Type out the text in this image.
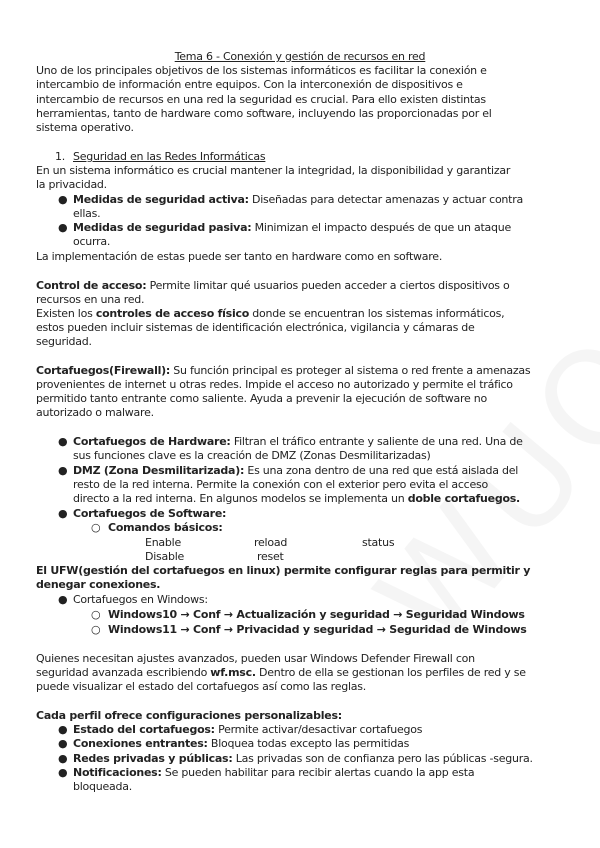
Tema 6 - Conexión y gestión de recursos en red
Uno de los principales objetivos de los sistemas informáticos es facilitar la conexión e
intercambio de información entre equipos. Con la interconexión de dispositivos e
intercambio de recursos en una red la seguridad es crucial. Para ello existen distintas
herramientas, tanto de hardware como software, incluyendo las proporcionadas por el
sistema operativo.
1. Seguridad en las Redes Informáticas
En un sistema informático es crucial mantener la integridad, la disponibilidad y garantizar
la privacidad.
● Medidas de seguridad activa: Diseñadas para detectar amenazas y actuar contra
ellas.
● Medidas de seguridad pasiva: Minimizan el impacto después de que un ataque
ocurra.
La implementación de estas puede ser tanto en hardware como en software.
Control de acceso: Permite limitar qué usuarios pueden acceder a ciertos dispositivos o
recursos en una red.
Existen los controles de acceso físico donde se encuentran los sistemas informáticos,
estos pueden incluir sistemas de identificación electrónica, vigilancia y cámaras de
seguridad.
Cortafuegos(Firewall): Su función principal es proteger al sistema o red frente a amenazas
provenientes de internet u otras redes. Impide el acceso no autorizado y permite el tráfico
permitido tanto entrante como saliente. Ayuda a prevenir la ejecución de software no
autorizado o malware.
● Cortafuegos de Hardware: Filtran el tráfico entrante y saliente de una red. Una de
sus funciones clave es la creación de DMZ (Zonas Desmilitarizadas)
● DMZ (Zona Desmilitarizada): Es una zona dentro de una red que está aislada del
resto de la red interna. Permite la conexión con el exterior pero evita el acceso
directo a la red interna. En algunos modelos se implementa un doble cortafuegos.
● Cortafuegos de Software:
○ Comandos básicos:
Enable	reload	status
Disable	reset
El UFW(gestión del cortafuegos en linux) permite configurar reglas para permitir y
denegar conexiones.
● Cortafuegos en Windows:
○ Windows10 → Conf → Actualización y seguridad → Seguridad Windows
○ Windows11 → Conf → Privacidad y seguridad → Seguridad de Windows
Quienes necesitan ajustes avanzados, pueden usar Windows Defender Firewall con
seguridad avanzada escribiendo wf.msc. Dentro de ella se gestionan los perfiles de red y se
puede visualizar el estado del cortafuegos así como las reglas.
Cada perfil ofrece configuraciones personalizables:
● Estado del cortafuegos: Permite activar/desactivar cortafuegos
● Conexiones entrantes: Bloquea todas excepto las permitidas
● Redes privadas y públicas: Las privadas son de confianza pero las públicas -segura.
● Notificaciones: Se pueden habilitar para recibir alertas cuando la app esta
bloqueada.
